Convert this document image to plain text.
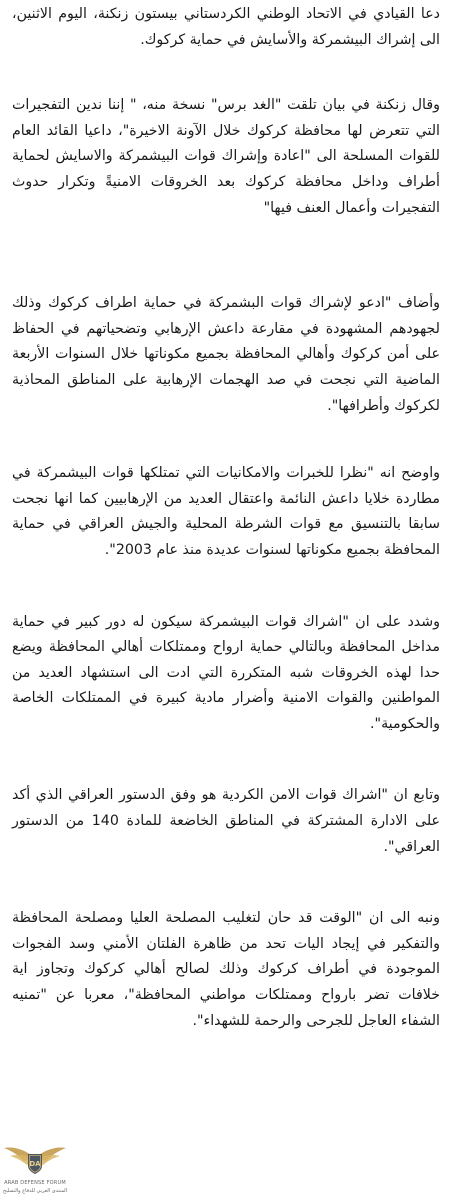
دعا القيادي في الاتحاد الوطني الكردستاني بيستون زنكنة، اليوم الاثنين، الى إشراك البيشمركة والأسايش في حماية كركوك.

وقال زنكنة في بيان تلقت "الغد برس" نسخة منه، " إننا ندين التفجيرات التي تتعرض لها محافظة كركوك خلال الآونة الاخيرة"، داعيا القائد العام للقوات المسلحة الى "اعادة وإشراك قوات البيشمركة والاسايش لحماية أطراف وداخل محافظة كركوك بعد الخروقات الامنيةً وتكرار حدوث التفجيرات وأعمال العنف فيها"

وأضاف "ادعو لإشراك قوات البشمركة في حماية اطراف كركوك وذلك لجهودهم المشهودة في مقارعة داعش الإرهابي وتضحياتهم في الحفاظ على أمن كركوك وأهالي المحافظة بجميع مكوناتها خلال السنوات الأربعة الماضية التي نجحت في صد الهجمات الإرهابية على المناطق المحاذية لكركوك وأطرافها".

واوضح انه "نظرا للخبرات والامكانيات التي تمتلكها قوات البيشمركة في مطاردة خلايا داعش النائمة واعتقال العديد من الإرهابيين كما انها نجحت سابقا بالتنسيق مع قوات الشرطة المحلية والجيش العراقي في حماية المحافظة بجميع مكوناتها لسنوات عديدة منذ عام 2003".

وشدد على ان "اشراك قوات البيشمركة سيكون له دور كبير في حماية مداخل المحافظة وبالتالي حماية ارواح وممتلكات أهالي المحافظة ويضع حدا لهذه الخروقات شبه المتكررة التي ادت الى استشهاد العديد من المواطنين والقوات الامنية وأضرار مادية كبيرة في الممتلكات الخاصة والحكومية".

وتابع ان "اشراك قوات الامن الكردية هو وفق الدستور العراقي الذي أكد على الادارة المشتركة في المناطق الخاضعة للمادة 140 من الدستور العراقي".

ونبه الى ان "الوقت قد حان لتغليب المصلحة العليا ومصلحة المحافظة والتفكير في إيجاد اليات تحد من ظاهرة الفلتان الأمني وسد الفجوات الموجودة في أطراف كركوك وذلك لصالح أهالي كركوك وتجاوز اية خلافات تضر بارواح وممتلكات مواطني المحافظة"، معربا عن "تمنيه الشفاء العاجل للجرحى والرحمة للشهداء".

DA
ARAB DEFENSE FORUM
المنتدى العربي للدفاع والتسليح
